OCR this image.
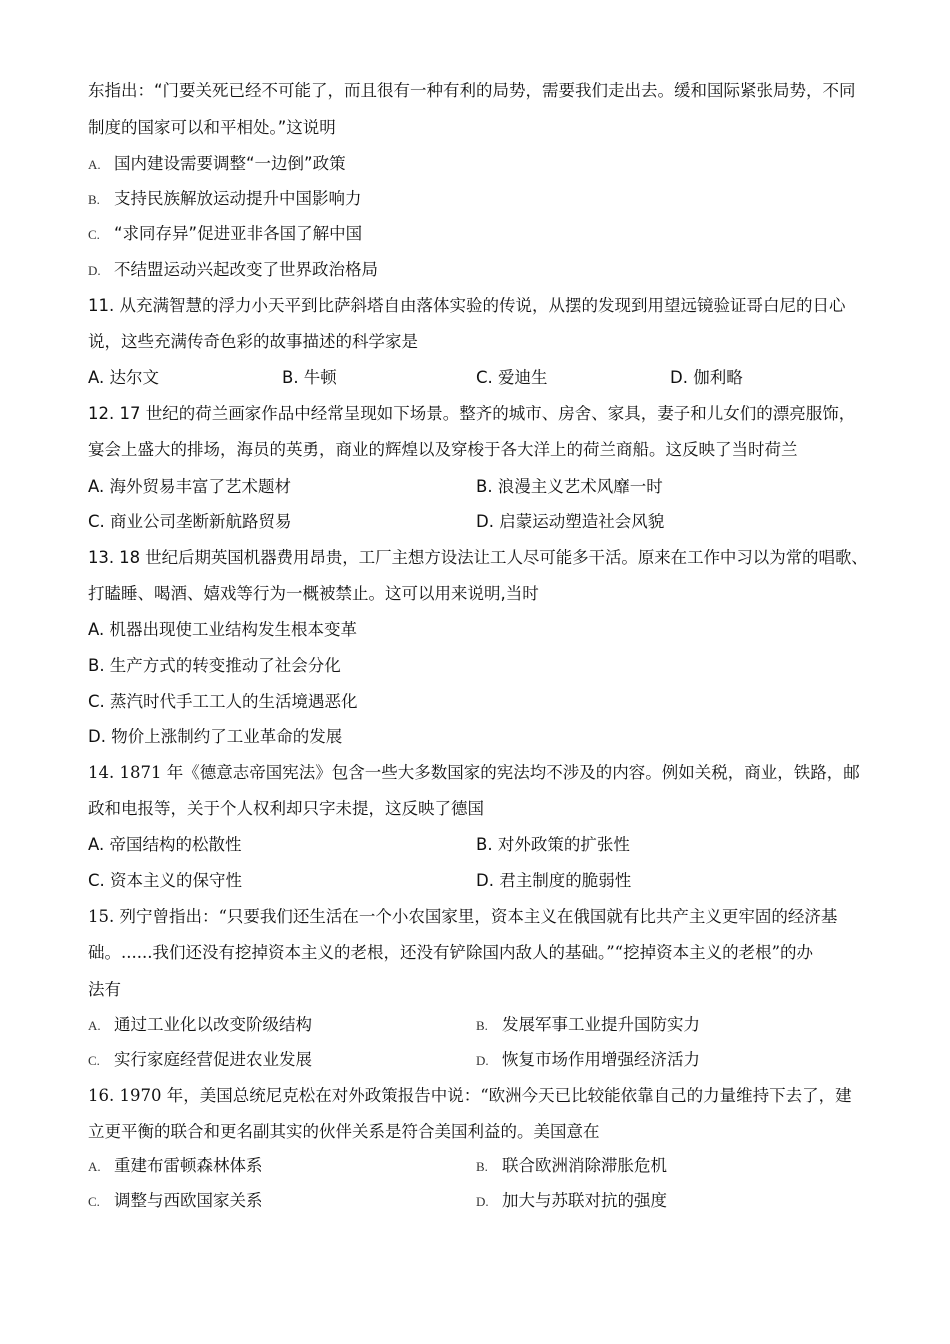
东指出：“门要关死已经不可能了，而且很有一种有利的局势，需要我们走出去。缓和国际紧张局势，不同
制度的国家可以和平相处。”这说明
A. 国内建设需要调整“一边倒”政策
B. 支持民族解放运动提升中国影响力
C. “求同存异”促进亚非各国了解中国
D. 不结盟运动兴起改变了世界政治格局
11. 从充满智慧的浮力小天平到比萨斜塔自由落体实验的传说，从摆的发现到用望远镜验证哥白尼的日心
说，这些充满传奇色彩的故事描述的科学家是
A. 达尔文	B. 牛顿	C. 爱迪生	D. 伽利略
12. 17 世纪的荷兰画家作品中经常呈现如下场景。整齐的城市、房舍、家具，妻子和儿女们的漂亮服饰，
宴会上盛大的排场，海员的英勇，商业的辉煌以及穿梭于各大洋上的荷兰商船。这反映了当时荷兰
A. 海外贸易丰富了艺术题材	B. 浪漫主义艺术风靡一时
C. 商业公司垄断新航路贸易	D. 启蒙运动塑造社会风貌
13. 18 世纪后期英国机器费用昂贵，工厂主想方设法让工人尽可能多干活。原来在工作中习以为常的唱歌、
打瞌睡、喝酒、嬉戏等行为一概被禁止。这可以用来说明,当时
A. 机器出现使工业结构发生根本变革
B. 生产方式的转变推动了社会分化
C. 蒸汽时代手工工人的生活境遇恶化
D. 物价上涨制约了工业革命的发展
14. 1871 年《德意志帝国宪法》包含一些大多数国家的宪法均不涉及的内容。例如关税，商业，铁路，邮
政和电报等，关于个人权利却只字未提，这反映了德国
A. 帝国结构的松散性	B. 对外政策的扩张性
C. 资本主义的保守性	D. 君主制度的脆弱性
15. 列宁曾指出：“只要我们还生活在一个小农国家里，资本主义在俄国就有比共产主义更牢固的经济基
础。......我们还没有挖掉资本主义的老根，还没有铲除国内敌人的基础。”“挖掉资本主义的老根”的办
法有
A. 通过工业化以改变阶级结构	B. 发展军事工业提升国防实力
C. 实行家庭经营促进农业发展	D. 恢复市场作用增强经济活力
16. 1970 年，美国总统尼克松在对外政策报告中说：“欧洲今天已比较能依靠自己的力量维持下去了，建
立更平衡的联合和更名副其实的伙伴关系是符合美国利益的。美国意在
A. 重建布雷顿森林体系	B. 联合欧洲消除滞胀危机
C. 调整与西欧国家关系	D. 加大与苏联对抗的强度
